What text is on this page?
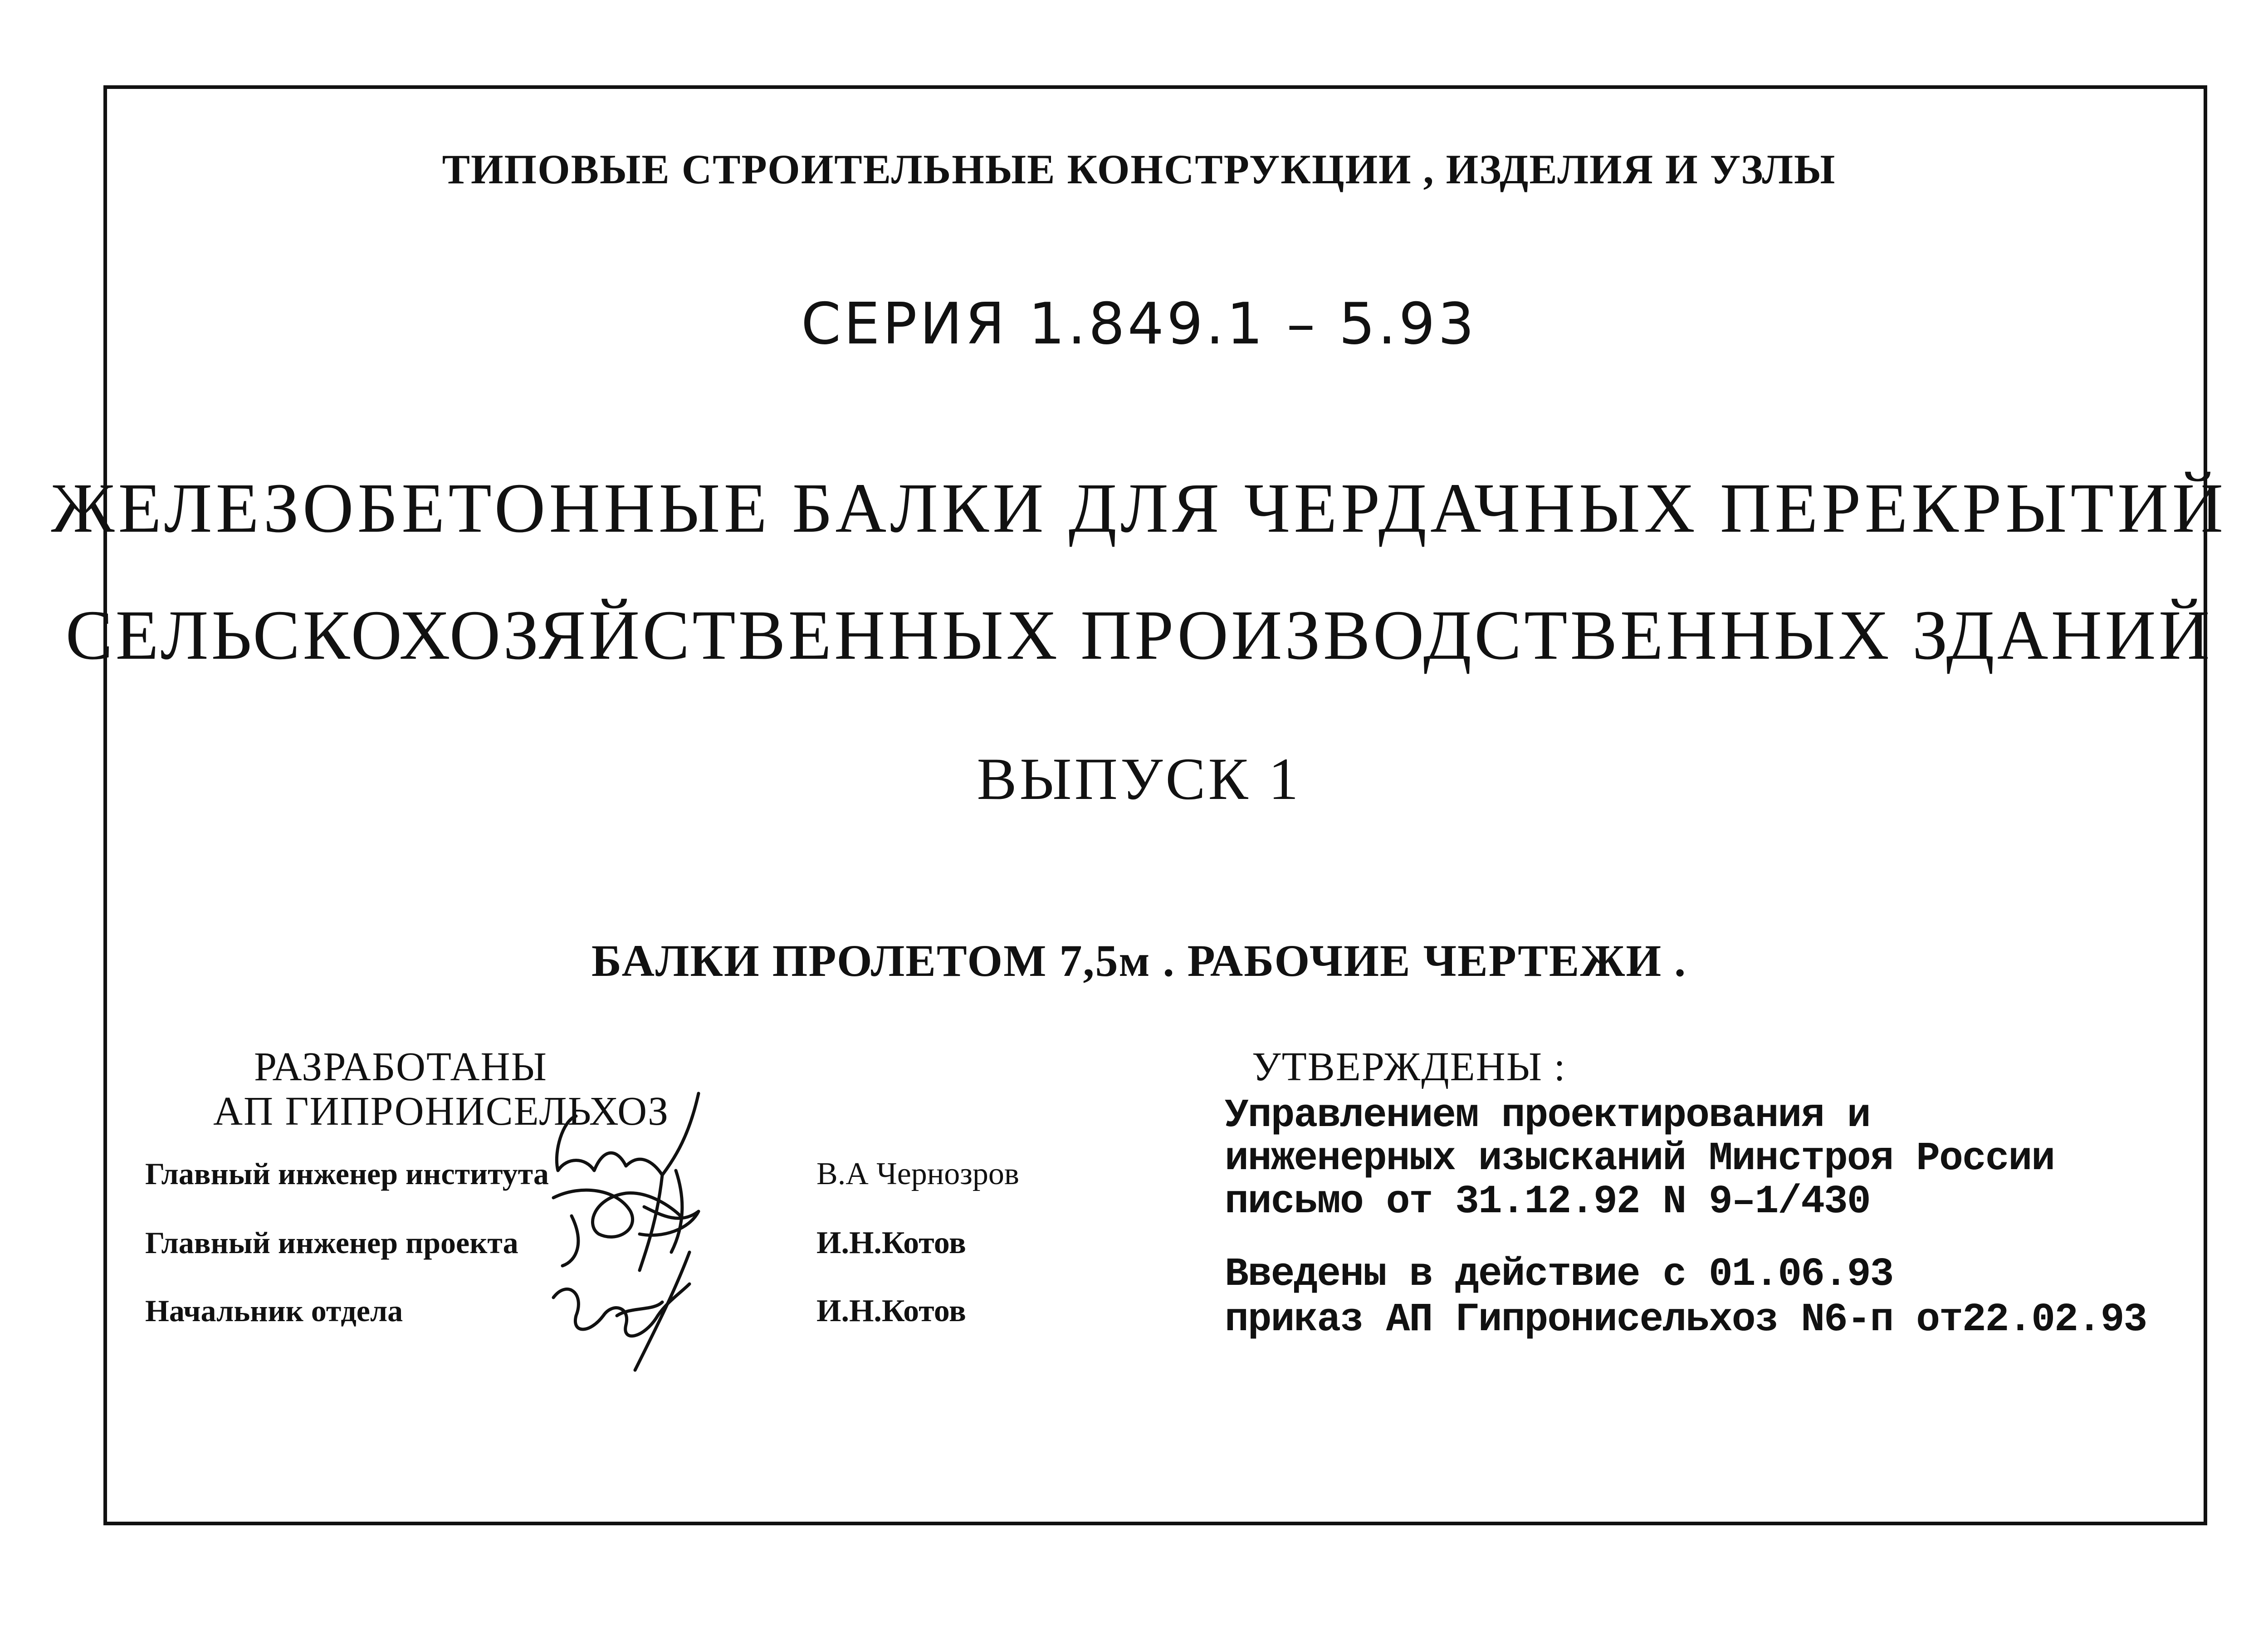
ТИПОВЫЕ СТРОИТЕЛЬНЫЕ КОНСТРУКЦИИ , ИЗДЕЛИЯ И УЗЛЫ
СЕРИЯ 1.849.1 – 5.93
ЖЕЛЕЗОБЕТОННЫЕ БАЛКИ ДЛЯ ЧЕРДАЧНЫХ ПЕРЕКРЫТИЙ
СЕЛЬСКОХОЗЯЙСТВЕННЫХ ПРОИЗВОДСТВЕННЫХ ЗДАНИЙ
ВЫПУСК 1
БАЛКИ ПРОЛЕТОМ 7,5м . РАБОЧИЕ ЧЕРТЕЖИ .
РАЗРАБОТАНЫ
АП ГИПРОНИСЕЛЬХОЗ
Главный инженер института	В.А Чернозров
Главный инженер проекта	И.Н.Котов
Начальник отдела	И.Н.Котов
УТВЕРЖДЕНЫ :
Управлением проектирования и
инженерных изысканий Минстроя России
письмо от 31.12.92 N 9–1/430
Введены в действие с 01.06.93
приказ АП Гипронисельхоз N6-п от22.02.93
